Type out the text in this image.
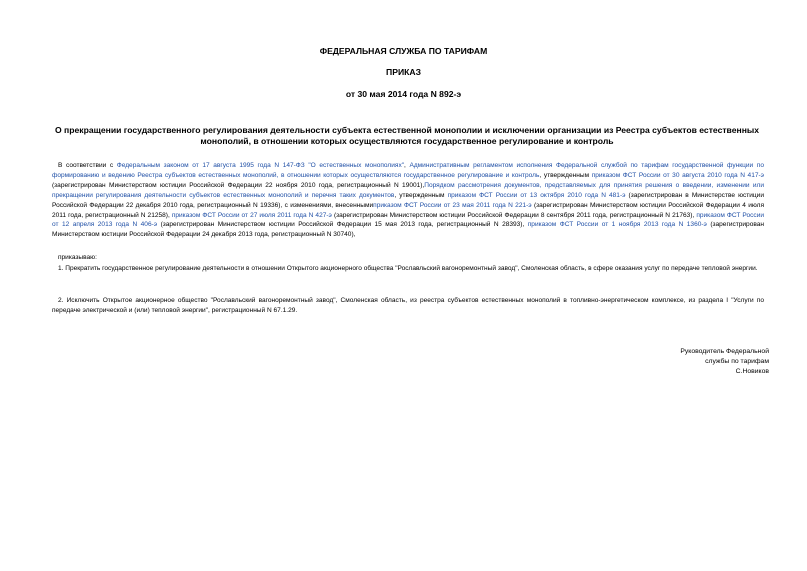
ФЕДЕРАЛЬНАЯ СЛУЖБА ПО ТАРИФАМ
ПРИКАЗ
от 30 мая 2014 года N 892-э
О прекращении государственного регулирования деятельности субъекта естественной монополии и исключении организации из Реестра субъектов естественных монополий, в отношении которых осуществляются государственное регулирование и контроль
В соответствии с Федеральным законом от 17 августа 1995 года N 147-ФЗ "О естественных монополиях", Административным регламентом исполнения Федеральной службой по тарифам государственной функции по формированию и ведению Реестра субъектов естественных монополий, в отношении которых осуществляются государственное регулирование и контроль, утвержденным приказом ФСТ России от 30 августа 2010 года N 417-э (зарегистрирован Министерством юстиции Российской Федерации 22 ноября 2010 года, регистрационный N 19001),Порядком рассмотрения документов, представляемых для принятия решения о введении, изменении или прекращении регулирования деятельности субъектов естественных монополий и перечня таких документов, утвержденным приказом ФСТ России от 13 октября 2010 года N 481-э (зарегистрирован в Министерстве юстиции Российской Федерации 22 декабря 2010 года, регистрационный N 19336), с изменениями, внесеннымиприказом ФСТ России от 23 мая 2011 года N 221-э (зарегистрирован Министерством юстиции Российской Федерации 4 июля 2011 года, регистрационный N 21258), приказом ФСТ России от 27 июля 2011 года N 427-э (зарегистрирован Министерством юстиции Российской Федерации 8 сентября 2011 года, регистрационный N 21763), приказом ФСТ России от 12 апреля 2013 года N 406-э (зарегистрирован Министерством юстиции Российской Федерации 15 мая 2013 года, регистрационный N 28393), приказом ФСТ России от 1 ноября 2013 года N 1360-э (зарегистрирован Министерством юстиции Российской Федерации 24 декабря 2013 года, регистрационный N 30740),
приказываю:
1. Прекратить государственное регулирование деятельности в отношении Открытого акционерного общества "Рославльский вагоноремонтный завод", Смоленская область, в сфере оказания услуг по передаче тепловой энергии.
2. Исключить Открытое акционерное общество "Рославльский вагоноремонтный завод", Смоленская область, из реестра субъектов естественных монополий в топливно-энергетическом комплексе, из раздела I "Услуги по передаче электрической и (или) тепловой энергии", регистрационный N 67.1.29.
Руководитель Федеральной
службы по тарифам
С.Новиков
